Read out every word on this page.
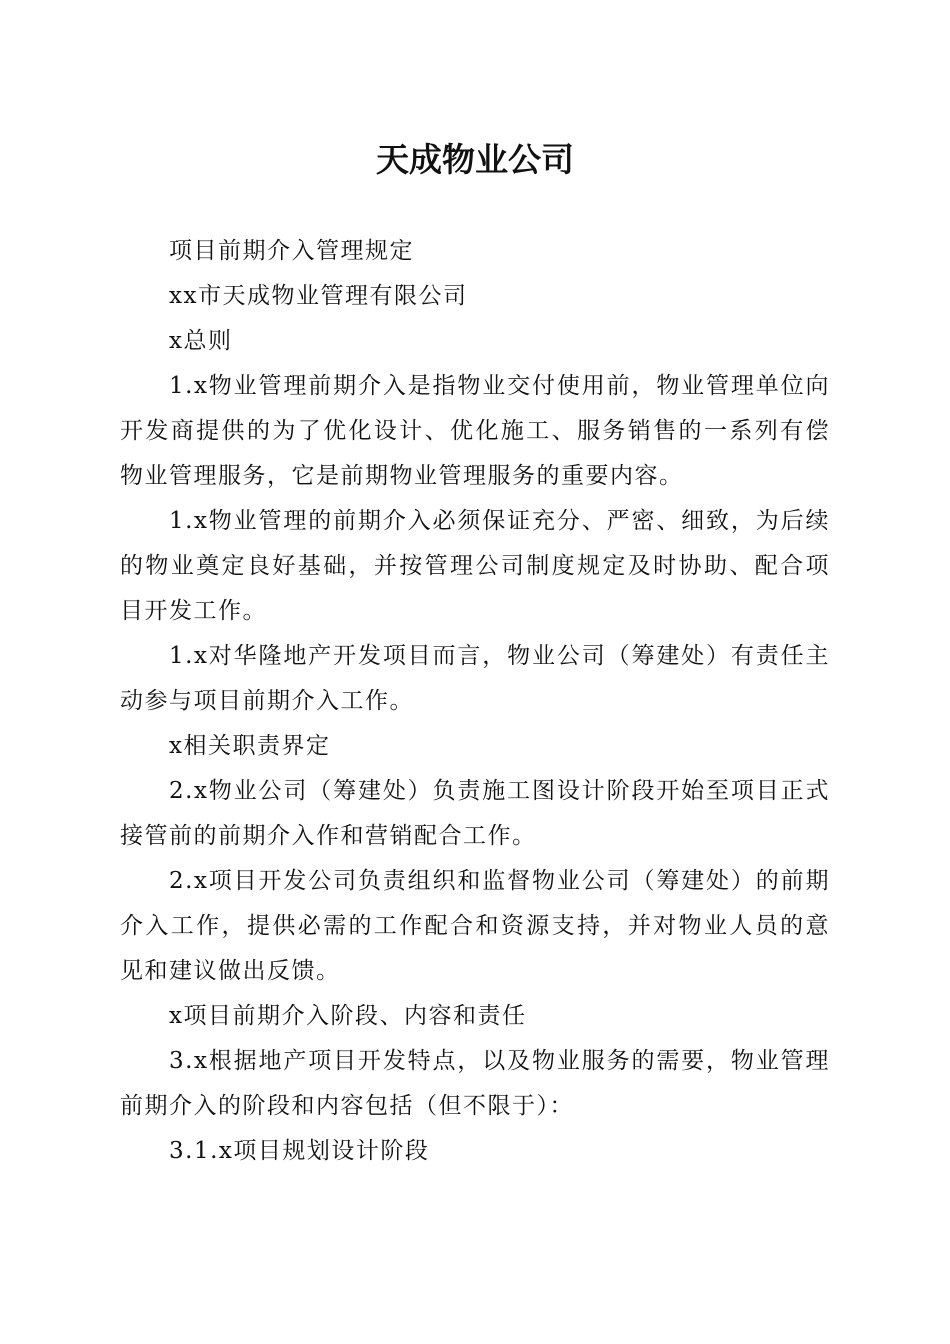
天成物业公司

项目前期介入管理规定

xx市天成物业管理有限公司

x总则

1.x物业管理前期介入是指物业交付使用前，物业管理单位向开发商提供的为了优化设计、优化施工、服务销售的一系列有偿物业管理服务，它是前期物业管理服务的重要内容。

1.x物业管理的前期介入必须保证充分、严密、细致，为后续的物业奠定良好基础，并按管理公司制度规定及时协助、配合项目开发工作。

1.x对华隆地产开发项目而言，物业公司（筹建处）有责任主动参与项目前期介入工作。

x相关职责界定

2.x物业公司（筹建处）负责施工图设计阶段开始至项目正式接管前的前期介入作和营销配合工作。

2.x项目开发公司负责组织和监督物业公司（筹建处）的前期介入工作，提供必需的工作配合和资源支持，并对物业人员的意见和建议做出反馈。

x项目前期介入阶段、内容和责任

3.x根据地产项目开发特点，以及物业服务的需要，物业管理前期介入的阶段和内容包括（但不限于）：

3.1.x项目规划设计阶段
